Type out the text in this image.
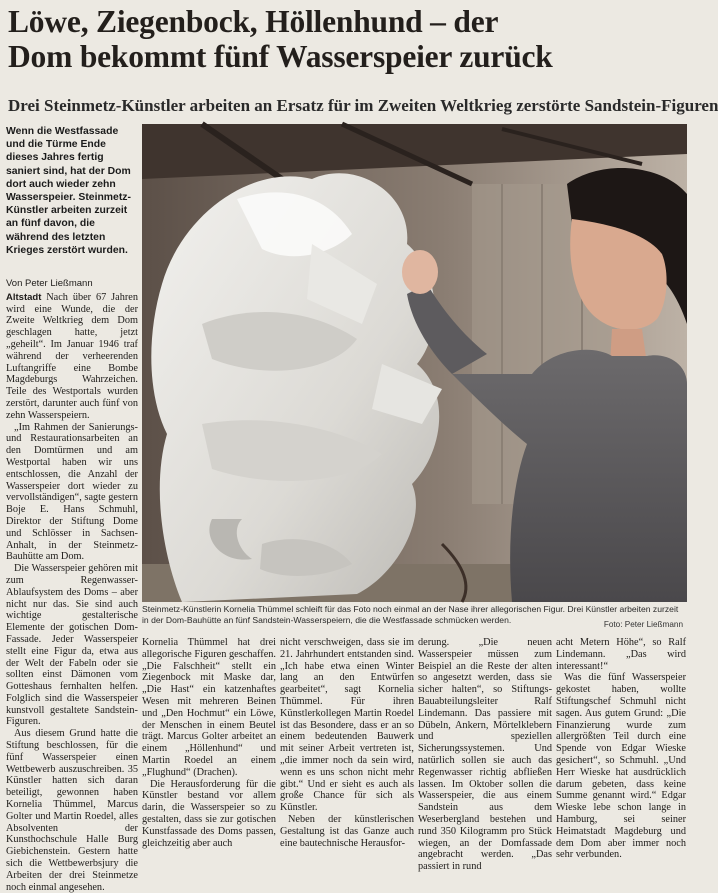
Löwe, Ziegenbock, Höllenhund – der
Dom bekommt fünf Wasserspeier zurück
Drei Steinmetz-Künstler arbeiten an Ersatz für im Zweiten Weltkrieg zerstörte Sandstein-Figuren
Wenn die Westfassade und die Türme Ende dieses Jahres fertig saniert sind, hat der Dom dort auch wieder zehn Wasserspeier. Steinmetz-Künstler arbeiten zurzeit an fünf davon, die während des letzten Krieges zerstört wurden.
Von Peter Ließmann

Altstadt Nach über 67 Jahren wird eine Wunde, die der Zweite Weltkrieg dem Dom geschlagen hatte, jetzt „geheilt“. Im Januar 1946 traf während der verheerenden Luftangriffe eine Bombe Magdeburgs Wahrzeichen. Teile des Westportals wurden zerstört, darunter auch fünf von zehn Wasserspeiern.

„Im Rahmen der Sanierungs- und Restaurationsarbeiten an den Domtürmen und am Westportal haben wir uns entschlossen, die Anzahl der Wasserspeier dort wieder zu vervollständigen“, sagte gestern Boje E. Hans Schmuhl, Direktor der Stiftung Dome und Schlösser in Sachsen-Anhalt, in der Steinmetz-Bauhütte am Dom.

Die Wasserspeier gehören mit zum Regenwasser-Ablaufsystem des Doms – aber nicht nur das. Sie sind auch wichtige gestalterische Elemente der gotischen Dom-Fassade. Jeder Wasserspeier stellt eine Figur da, etwa aus der Welt der Fabeln oder sie sollten einst Dämonen vom Gotteshaus fernhalten helfen. Folglich sind die Wasserspeier kunstvoll gestaltete Sandstein-Figuren.

Aus diesem Grund hatte die Stiftung beschlossen, für die fünf Wasserspeier einen Wettbewerb auszuschreiben. 35 Künstler hatten sich daran beteiligt, gewonnen haben Kornelia Thümmel, Marcus Golter und Martin Roedel, alles Absolventen der Kunsthochschule Halle Burg Giebichenstein. Gestern hatte sich die Wettbewerbsjury die Arbeiten der drei Steinmetze noch einmal angesehen.

Steinmetz-Künstlerin Kornelia Thümmel schleift für das Foto noch einmal an der Nase ihrer allegorischen Figur. Drei Künstler arbeiten zurzeit in der Dom-Bauhütte an fünf Sandstein-Wasserspeiern, die die Westfassade schmücken werden.	Foto: Peter Ließmann

Kornelia Thümmel hat drei allegorische Figuren geschaffen. „Die Falschheit“ stellt ein Ziegenbock mit Maske dar, „Die Hast“ ein katzenhaftes Wesen mit mehreren Beinen und „Den Hochmut“ ein Löwe, der Menschen in einem Beutel trägt. Marcus Golter arbeitet an einem „Höllenhund“ und Martin Roedel an einem „Flughund“ (Drachen).

Die Herausforderung für die Künstler bestand vor allem darin, die Wasserspeier so zu gestalten, dass sie zur gotischen Kunstfassade des Doms passen, gleichzeitig aber auch

nicht verschweigen, dass sie im 21. Jahrhundert entstanden sind. „Ich habe etwa einen Winter lang an den Entwürfen gearbeitet“, sagt Kornelia Thümmel. Für ihren Künstlerkollegen Martin Roedel ist das Besondere, dass er an so einem bedeutenden Bauwerk mit seiner Arbeit vertreten ist, „die immer noch da sein wird, wenn es uns schon nicht mehr gibt.“ Und er sieht es auch als große Chance für sich als Künstler.

Neben der künstlerischen Gestaltung ist das Ganze auch eine bautechnische Herausfor-

derung. „Die neuen Wasserspeier müssen zum Beispiel an die Reste der alten so angesetzt werden, dass sie sicher halten“, so Stiftungs-Bauabteilungsleiter Ralf Lindemann. Das passiere mit Dübeln, Ankern, Mörtelklebern und speziellen Sicherungssystemen. Und natürlich sollen sie auch das Regenwasser richtig abfließen lassen. Im Oktober sollen die Wasserspeier, die aus einem Sandstein aus dem Weserbergland bestehen und rund 350 Kilogramm pro Stück wiegen, an der Domfassade angebracht werden. „Das passiert in rund

acht Metern Höhe“, so Ralf Lindemann. „Das wird interessant!“

Was die fünf Wasserspeier gekostet haben, wollte Stiftungschef Schmuhl nicht sagen. Aus gutem Grund: „Die Finanzierung wurde zum allergrößten Teil durch eine Spende von Edgar Wieske gesichert“, so Schmuhl. „Und Herr Wieske hat ausdrücklich darum gebeten, dass keine Summe genannt wird.“ Edgar Wieske lebe schon lange in Hamburg, sei seiner Heimatstadt Magdeburg und dem Dom aber immer noch sehr verbunden.
